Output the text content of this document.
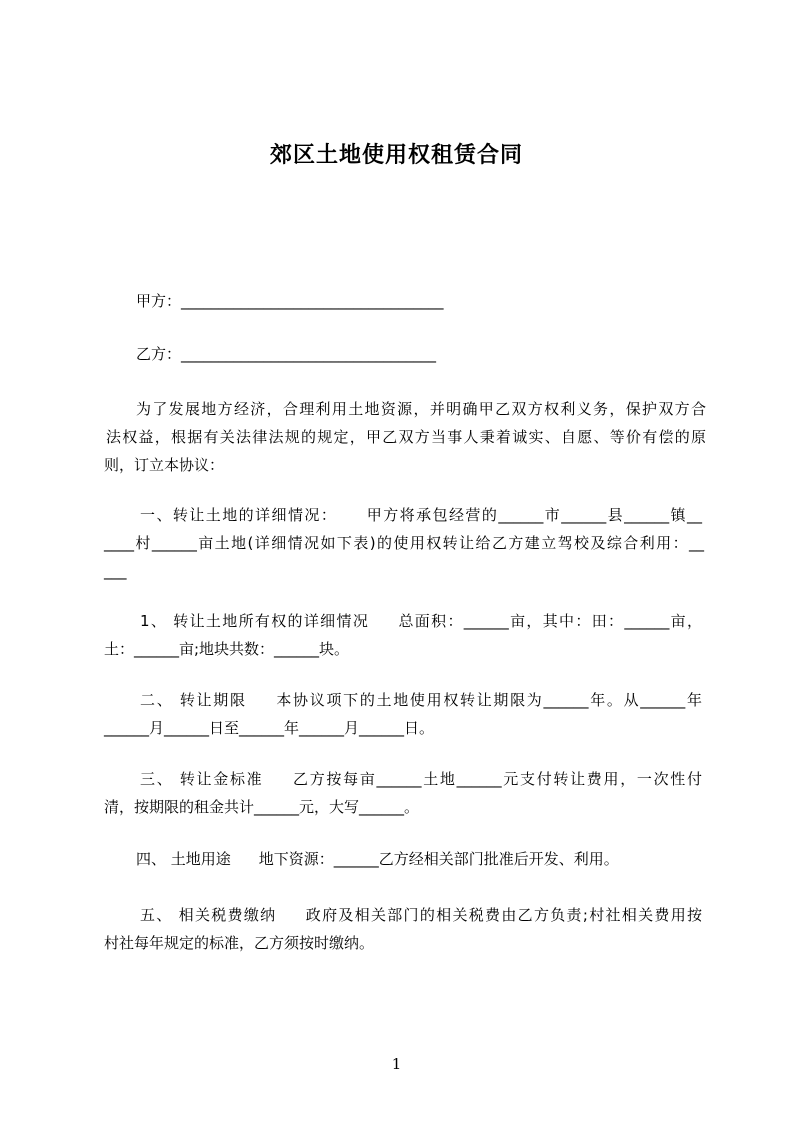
郊区土地使用权租赁合同

甲方：___________________________________

乙方：__________________________________

为了发展地方经济，合理利用土地资源，并明确甲乙双方权利义务，保护双方合

法权益，根据有关法律法规的规定，甲乙双方当事人秉着诚实、自愿、等价有偿的原

则，订立本协议：

一、转让土地的详细情况： 甲方将承包经营的______市______县______镇__

____村______亩土地(详细情况如下表)的使用权转让给乙方建立驾校及综合利用：__

___

1、 转让土地所有权的详细情况 总面积：______亩，其中：田：______亩，

土：______亩;地块共数：______块。

二、 转让期限 本协议项下的土地使用权转让期限为______年。从______年

______月______日至______年______月______日。

三、 转让金标准 乙方按每亩______土地______元支付转让费用，一次性付

清，按期限的租金共计______元，大写______。

四、 土地用途 地下资源：______乙方经相关部门批准后开发、利用。

五、 相关税费缴纳 政府及相关部门的相关税费由乙方负责;村社相关费用按

村社每年规定的标准，乙方须按时缴纳。

1
